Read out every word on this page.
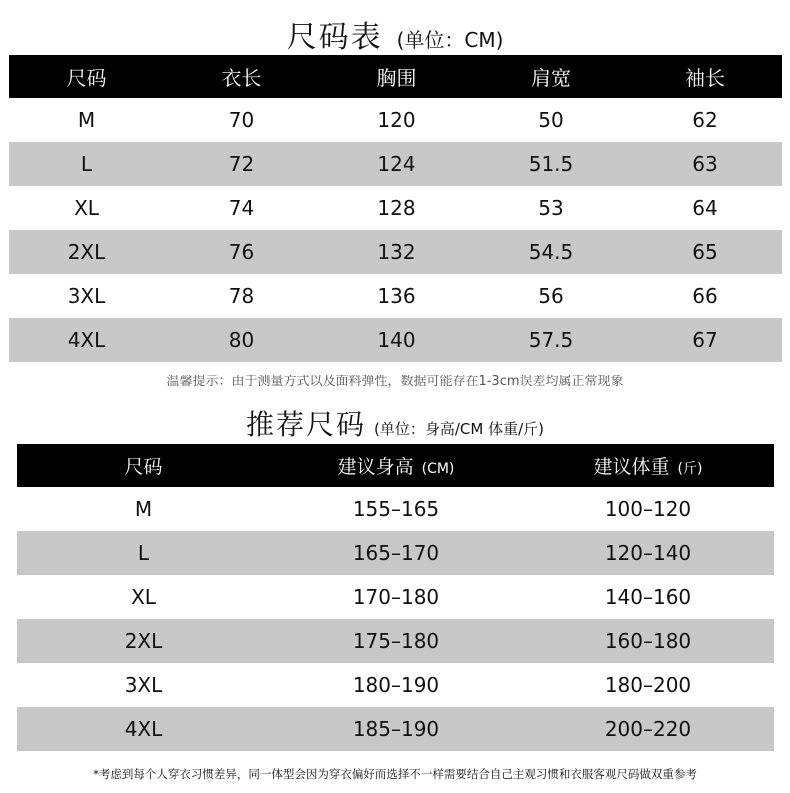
尺码表 (单位：CM)
尺码	衣长	胸围	肩宽	袖长
M	70	120	50	62
L	72	124	51.5	63
XL	74	128	53	64
2XL	76	132	54.5	65
3XL	78	136	56	66
4XL	80	140	57.5	67
温馨提示：由于测量方式以及面料弹性，数据可能存在1-3cm误差均属正常现象
推荐尺码 (单位：身高/CM 体重/斤)
尺码	建议身高 (CM)	建议体重 (斤)
M	155–165	100–120
L	165–170	120–140
XL	170–180	140–160
2XL	175–180	160–180
3XL	180–190	180–200
4XL	185–190	200–220
*考虑到每个人穿衣习惯差异，同一体型会因为穿衣偏好而选择不一样需要结合自己主观习惯和衣服客观尺码做双重参考
